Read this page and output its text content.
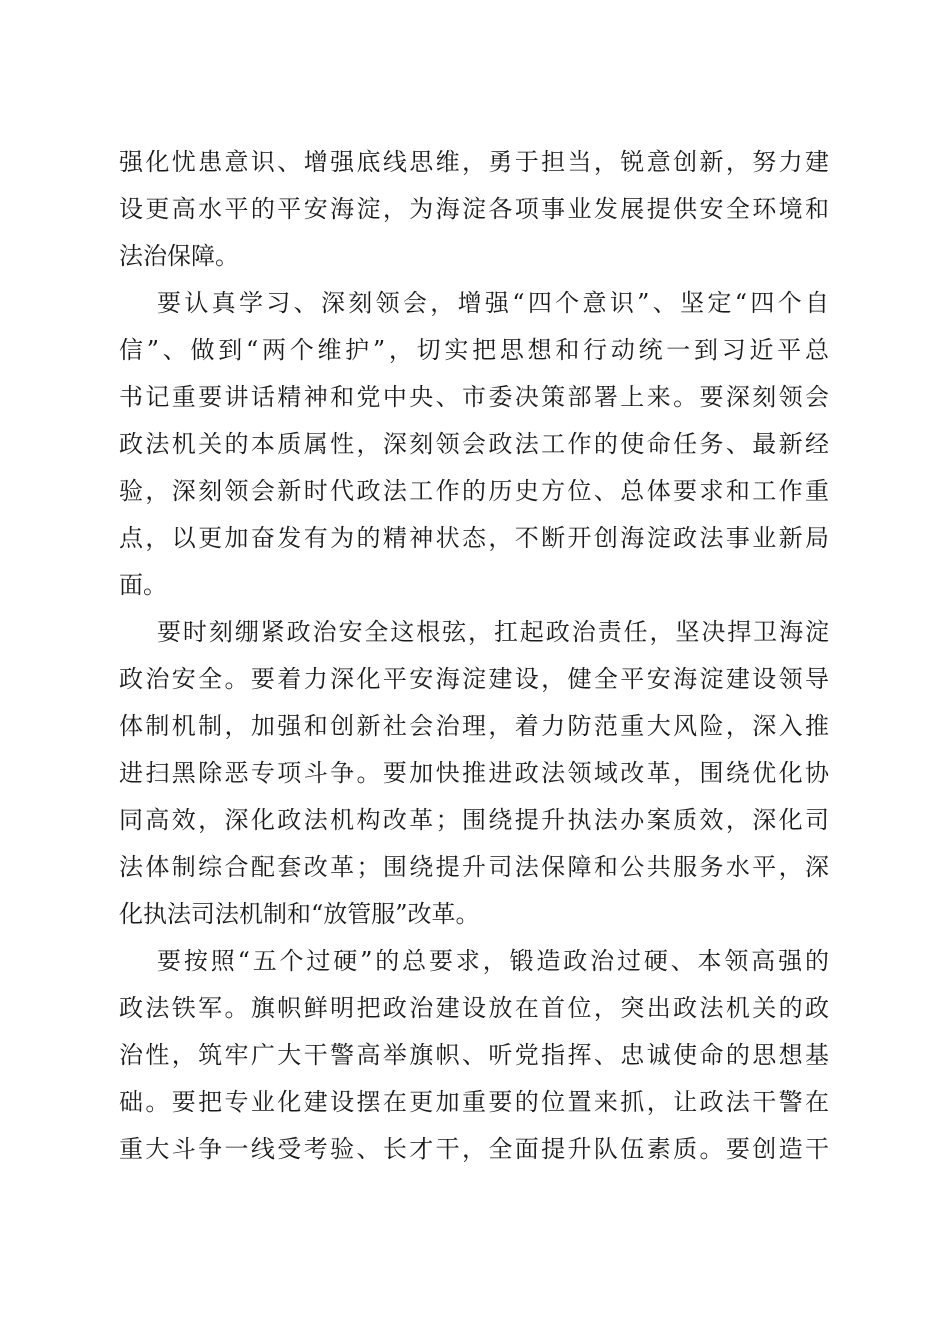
强化忧患意识、增强底线思维，勇于担当，锐意创新，努力建
设更高水平的平安海淀，为海淀各项事业发展提供安全环境和
法治保障。
要认真学习、深刻领会，增强“四个意识”、坚定“四个自
信”、做到“两个维护”，切实把思想和行动统一到习近平总
书记重要讲话精神和党中央、市委决策部署上来。要深刻领会
政法机关的本质属性，深刻领会政法工作的使命任务、最新经
验，深刻领会新时代政法工作的历史方位、总体要求和工作重
点，以更加奋发有为的精神状态，不断开创海淀政法事业新局
面。
要时刻绷紧政治安全这根弦，扛起政治责任，坚决捍卫海淀
政治安全。要着力深化平安海淀建设，健全平安海淀建设领导
体制机制，加强和创新社会治理，着力防范重大风险，深入推
进扫黑除恶专项斗争。要加快推进政法领域改革，围绕优化协
同高效，深化政法机构改革；围绕提升执法办案质效，深化司
法体制综合配套改革；围绕提升司法保障和公共服务水平，深
化执法司法机制和“放管服”改革。
要按照“五个过硬”的总要求，锻造政治过硬、本领高强的
政法铁军。旗帜鲜明把政治建设放在首位，突出政法机关的政
治性，筑牢广大干警高举旗帜、听党指挥、忠诚使命的思想基
础。要把专业化建设摆在更加重要的位置来抓，让政法干警在
重大斗争一线受考验、长才干，全面提升队伍素质。要创造干
